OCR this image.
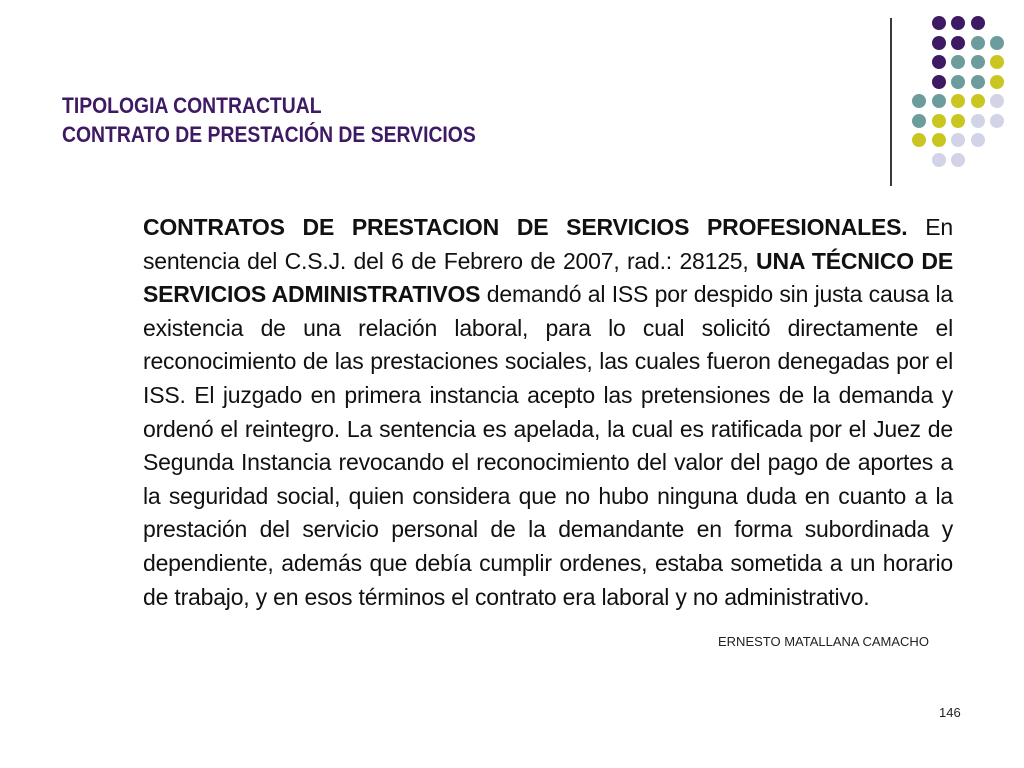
TIPOLOGIA CONTRACTUAL
CONTRATO DE PRESTACIÓN DE SERVICIOS
CONTRATOS DE PRESTACION DE SERVICIOS PROFESIONALES. En sentencia del C.S.J. del 6 de Febrero de 2007, rad.: 28125, UNA TÉCNICO DE SERVICIOS ADMINISTRATIVOS demandó al ISS por despido sin justa causa la existencia de una relación laboral, para lo cual solicitó directamente el reconocimiento de las prestaciones sociales, las cuales fueron denegadas por el ISS. El juzgado en primera instancia acepto las pretensiones de la demanda y ordenó el reintegro. La sentencia es apelada, la cual es ratificada por el Juez de Segunda Instancia revocando el reconocimiento del valor del pago de aportes a la seguridad social, quien considera que no hubo ninguna duda en cuanto a la prestación del servicio personal de la demandante en forma subordinada y dependiente, además que debía cumplir ordenes, estaba sometida a un horario de trabajo, y en esos términos el contrato era laboral y no administrativo.
ERNESTO MATALLANA CAMACHO
146
